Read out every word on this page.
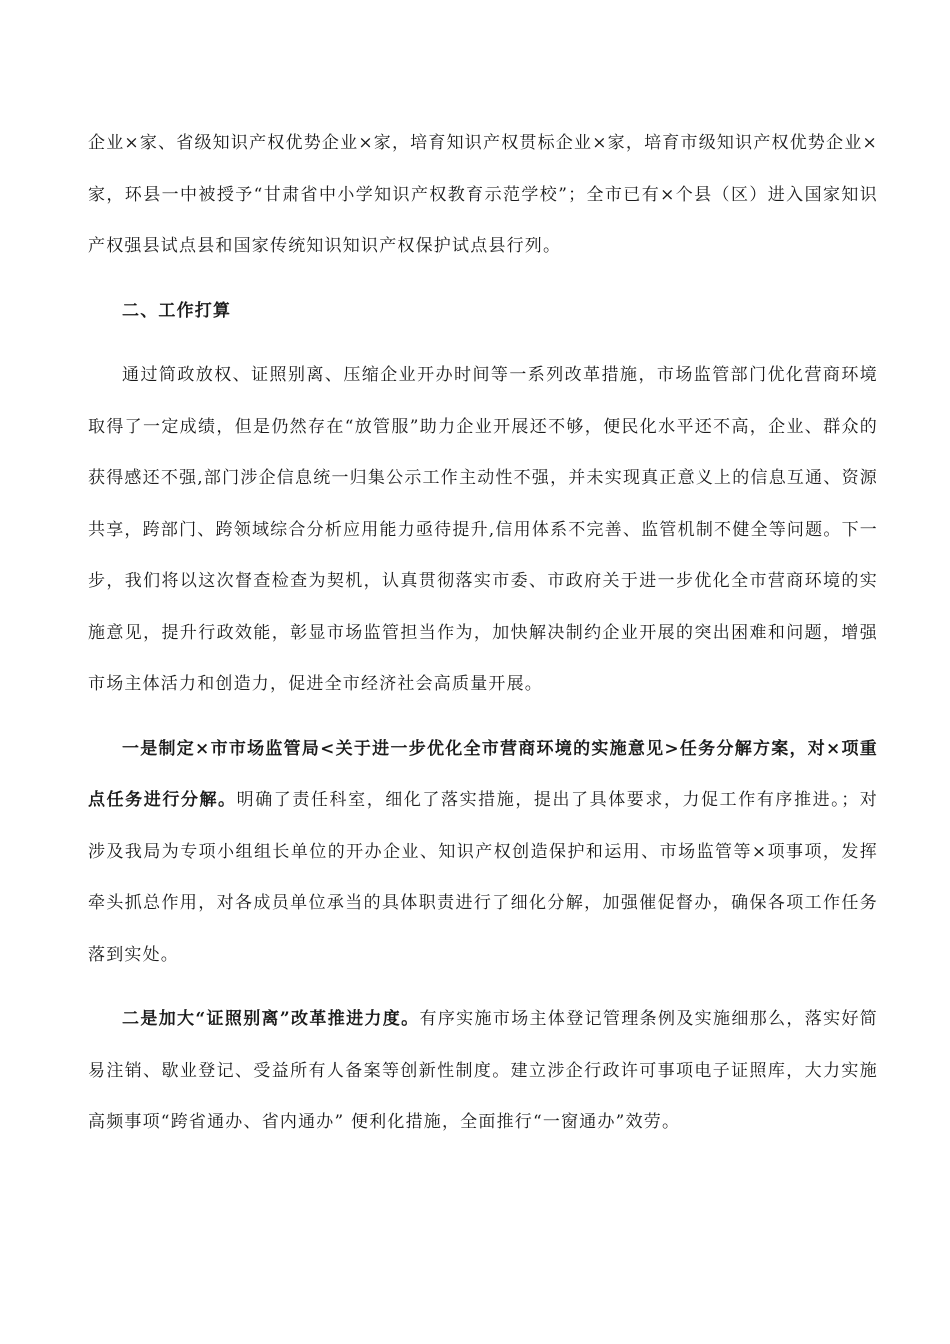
企业×家、省级知识产权优势企业×家，培育知识产权贯标企业×家，培育市级知识产权优势企业×家，环县一中被授予“甘肃省中小学知识产权教育示范学校”；全市已有×个县（区）进入国家知识产权强县试点县和国家传统知识知识产权保护试点县行列。

二、工作打算

通过简政放权、证照别离、压缩企业开办时间等一系列改革措施，市场监管部门优化营商环境取得了一定成绩，但是仍然存在“放管服”助力企业开展还不够，便民化水平还不高，企业、群众的获得感还不强,部门涉企信息统一归集公示工作主动性不强，并未实现真正意义上的信息互通、资源共享，跨部门、跨领域综合分析应用能力亟待提升,信用体系不完善、监管机制不健全等问题。下一步，我们将以这次督查检查为契机，认真贯彻落实市委、市政府关于进一步优化全市营商环境的实施意见，提升行政效能，彰显市场监管担当作为，加快解决制约企业开展的突出困难和问题，增强市场主体活力和创造力，促进全市经济社会高质量开展。

一是制定×市市场监管局<关于进一步优化全市营商环境的实施意见>任务分解方案，对×项重点任务进行分解。明确了责任科室，细化了落实措施，提出了具体要求，力促工作有序推进。；对涉及我局为专项小组组长单位的开办企业、知识产权创造保护和运用、市场监管等×项事项，发挥牵头抓总作用，对各成员单位承当的具体职责进行了细化分解，加强催促督办，确保各项工作任务落到实处。

二是加大“证照别离”改革推进力度。有序实施市场主体登记管理条例及实施细那么，落实好简易注销、歇业登记、受益所有人备案等创新性制度。建立涉企行政许可事项电子证照库，大力实施高频事项“跨省通办、省内通办” 便利化措施，全面推行“一窗通办”效劳。
